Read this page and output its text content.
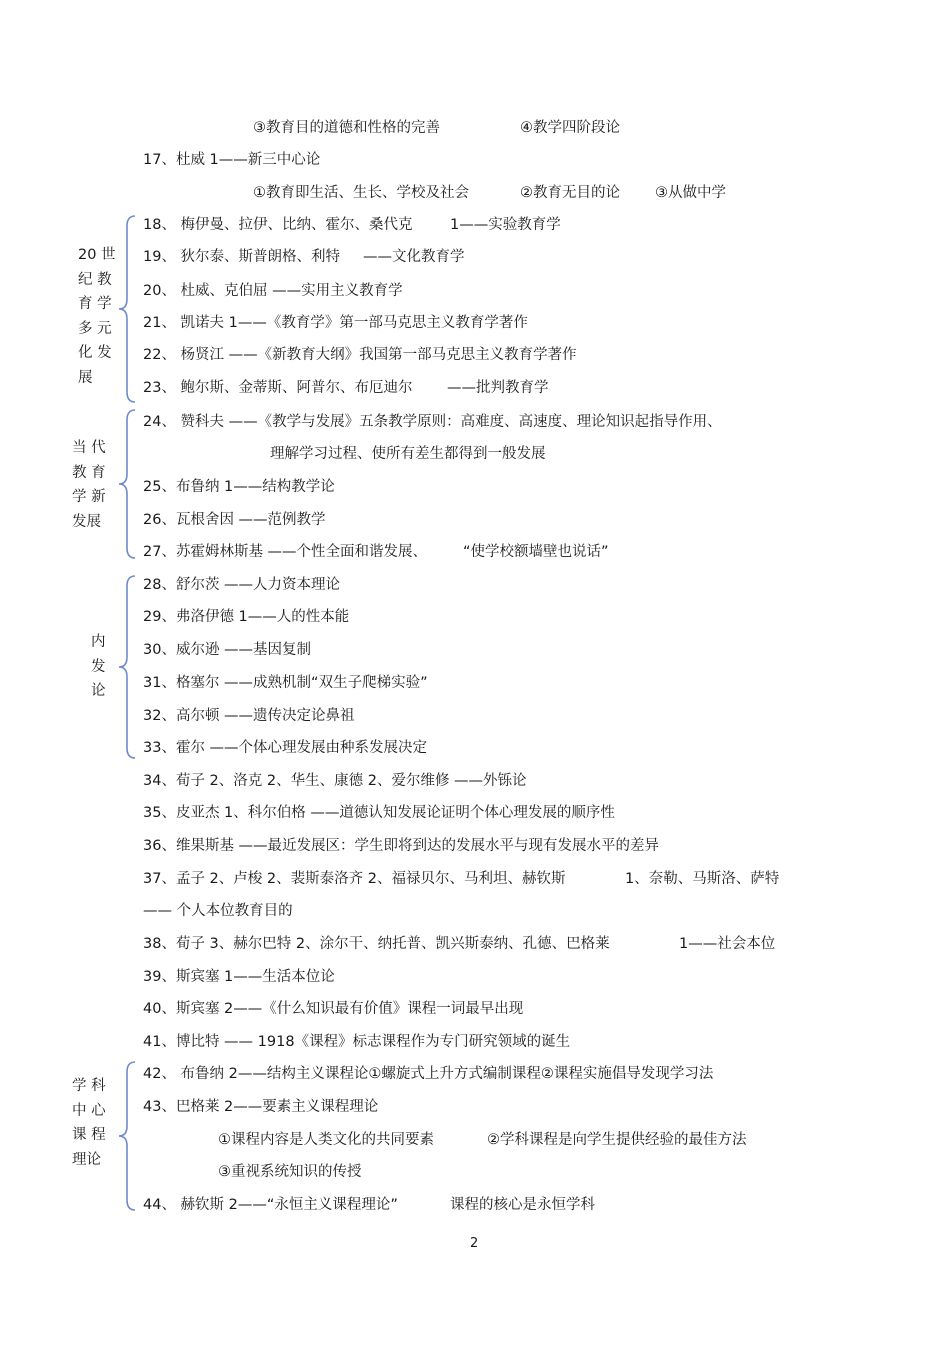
③教育目的道德和性格的完善	④教学四阶段论
17、杜威 1——新三中心论
①教育即生活、生长、学校及社会	②教育无目的论 ③从做中学
18、 梅伊曼、拉伊、比纳、霍尔、桑代克	1——实验教育学
19、 狄尔泰、斯普朗格、利特 ——文化教育学
20、 杜威、克伯屈 ——实用主义教育学
21、 凯诺夫 1——《教育学》第一部马克思主义教育学著作
22、 杨贤江 ——《新教育大纲》我国第一部马克思主义教育学著作
23、 鲍尔斯、金蒂斯、阿普尔、布厄迪尔 ——批判教育学
24、 赞科夫 ——《教学与发展》五条教学原则：高难度、高速度、理论知识起指导作用、
理解学习过程、使所有差生都得到一般发展
25、布鲁纳 1——结构教学论
26、瓦根舍因 ——范例教学
27、苏霍姆林斯基 ——个性全面和谐发展、 “使学校额墙壁也说话”
28、舒尔茨 ——人力资本理论
29、弗洛伊德 1——人的性本能
30、威尔逊 ——基因复制
31、格塞尔 ——成熟机制“双生子爬梯实验”
32、高尔顿 ——遗传决定论鼻祖
33、霍尔 ——个体心理发展由种系发展决定
34、荀子 2、洛克 2、华生、康德 2、爱尔维修 ——外铄论
35、皮亚杰 1、科尔伯格 ——道德认知发展论证明个体心理发展的顺序性
36、维果斯基 ——最近发展区：学生即将到达的发展水平与现有发展水平的差异
37、孟子 2、卢梭 2、裴斯泰洛齐 2、福禄贝尔、马利坦、赫钦斯	1、奈勒、马斯洛、萨特
—— 个人本位教育目的
38、荀子 3、赫尔巴特 2、涂尔干、纳托普、凯兴斯泰纳、孔德、巴格莱	1——社会本位
39、斯宾塞 1——生活本位论
40、斯宾塞 2——《什么知识最有价值》课程一词最早出现
41、博比特 —— 1918《课程》标志课程作为专门研究领域的诞生
42、 布鲁纳 2——结构主义课程论①螺旋式上升方式编制课程②课程实施倡导发现学习法
43、巴格莱 2——要素主义课程理论
①课程内容是人类文化的共同要素	②学科课程是向学生提供经验的最佳方法
③重视系统知识的传授
44、 赫钦斯 2——“永恒主义课程理论”	课程的核心是永恒学科
20 世
纪 教
育 学
多 元
化 发
展
当 代
教 育
学 新
发展
内
发
论
学 科
中 心
课 程
理论
2
